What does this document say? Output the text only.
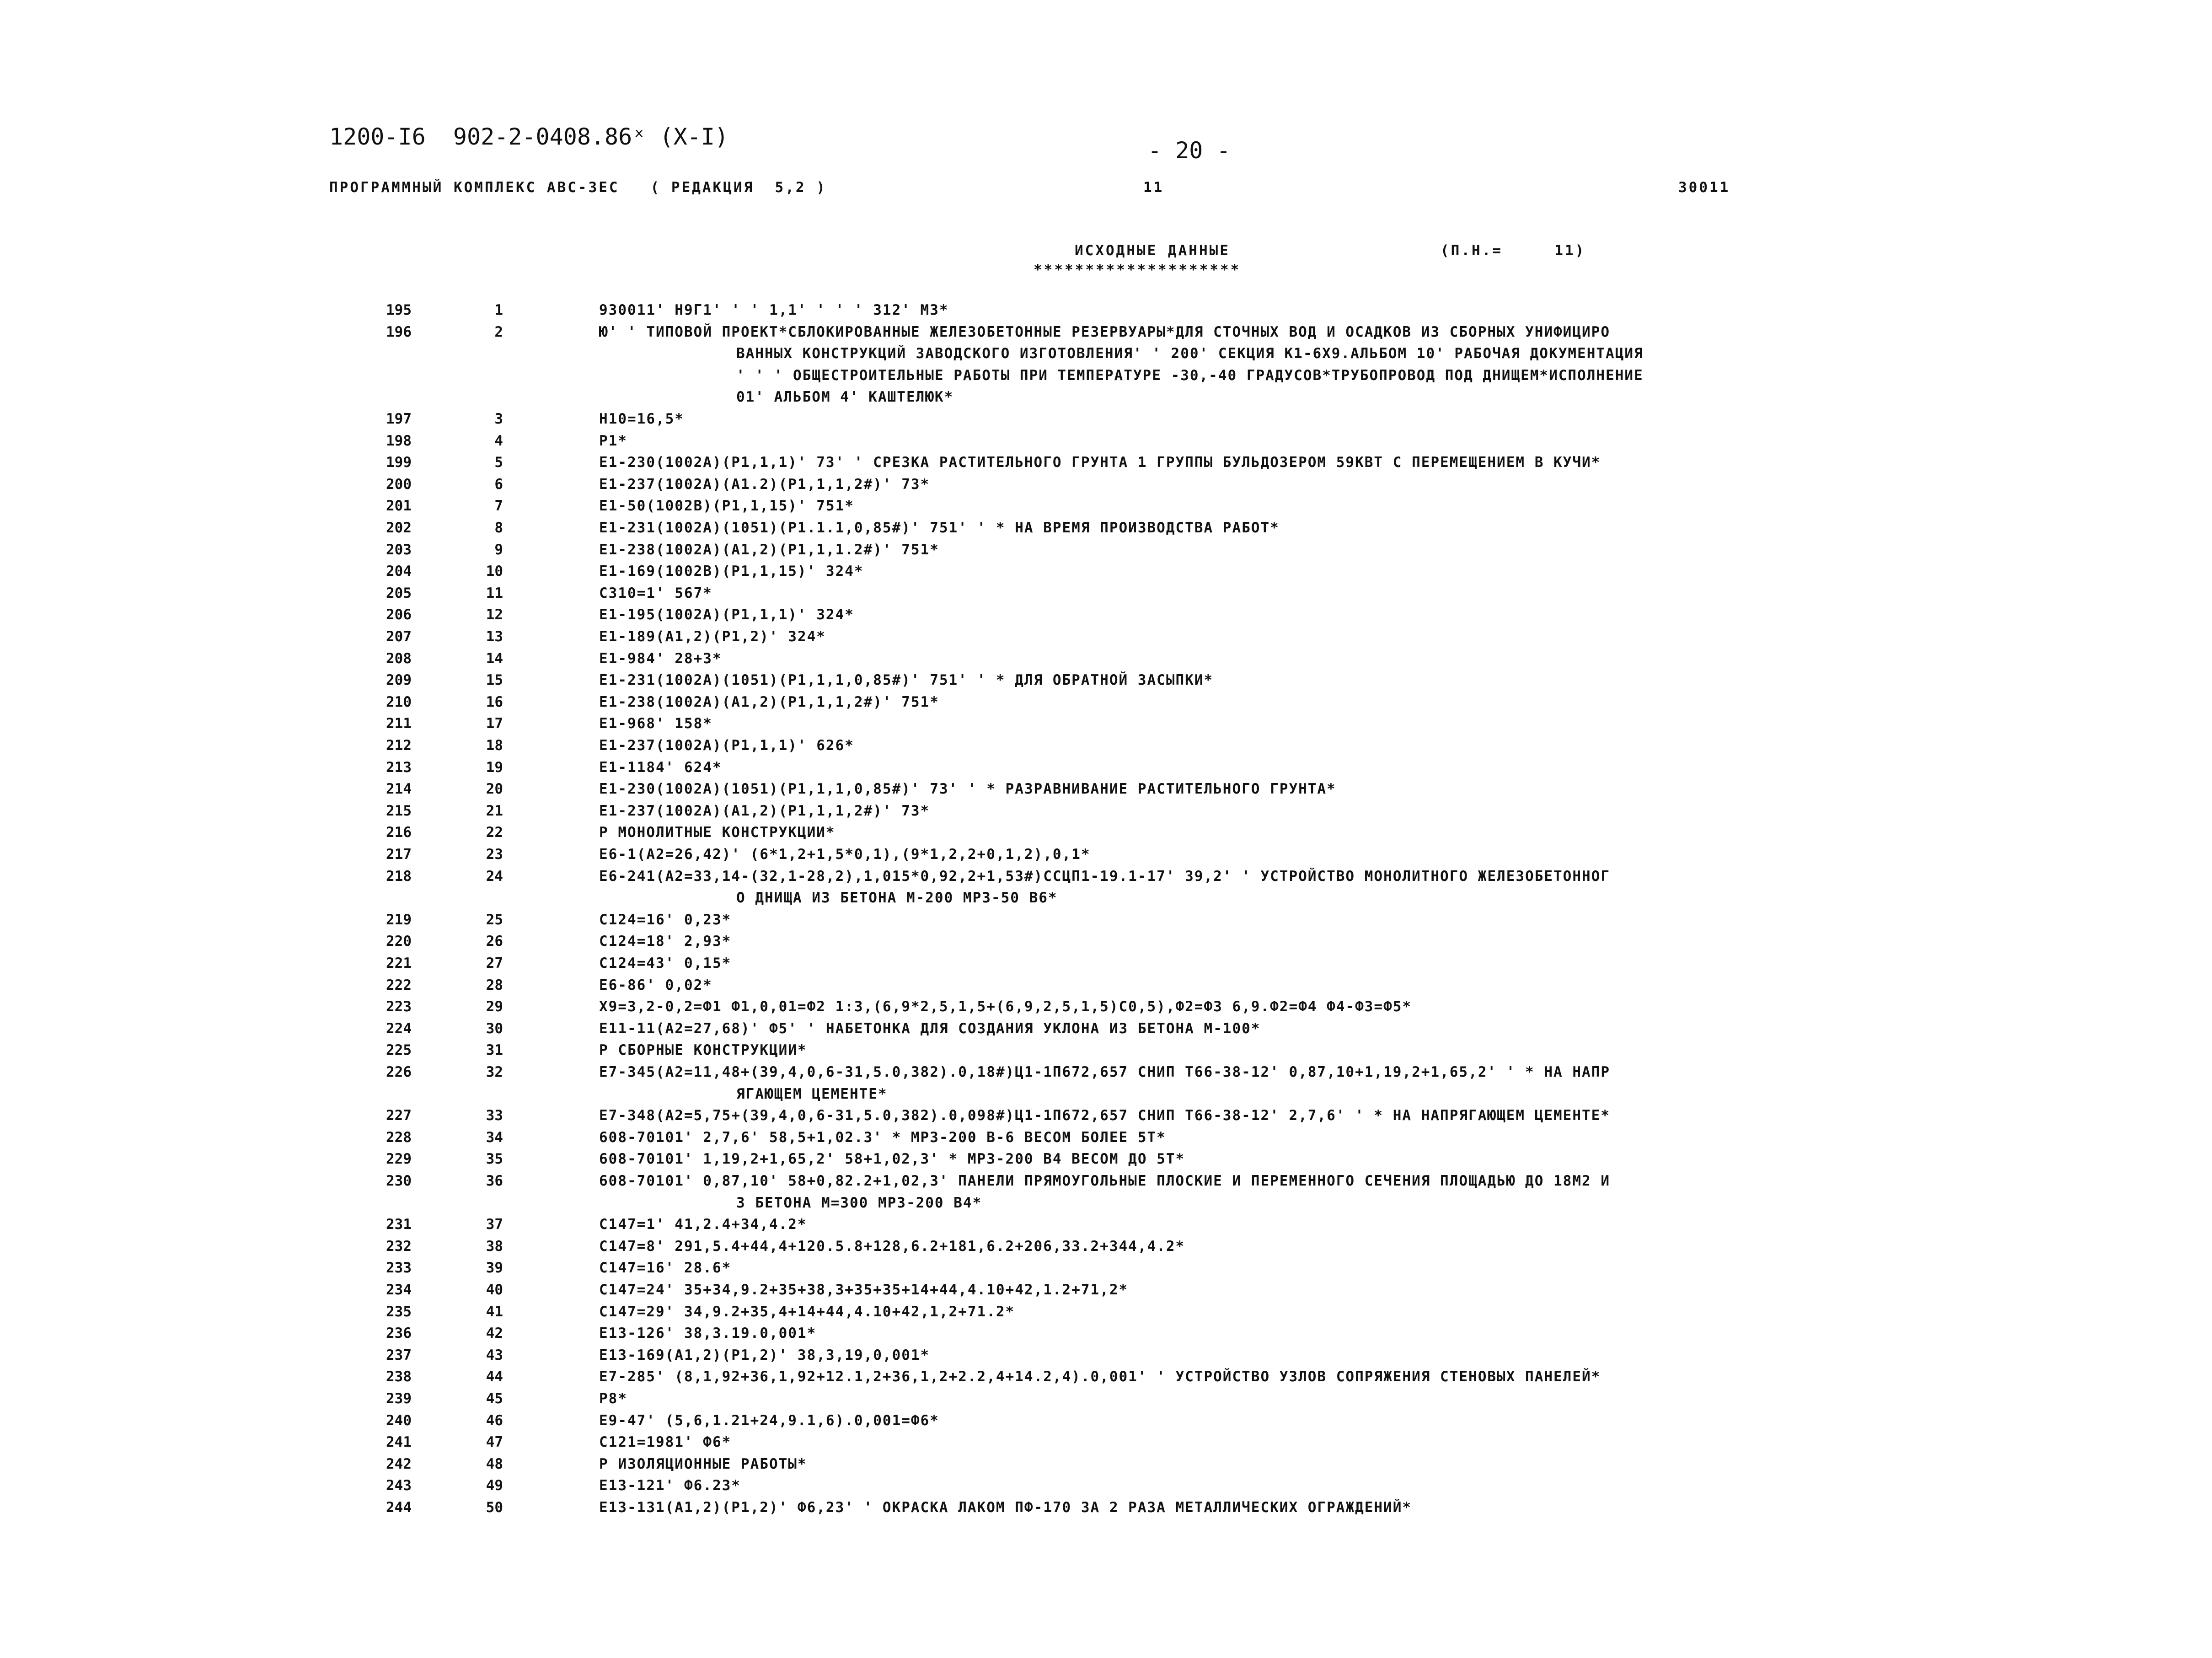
1200-I6  902-2-0408.86ˣ (X-I)
- 20 -
ПРОГРАММНЫЙ КОМПЛЕКС АВС-ЗЕС   ( РЕДАКЦИЯ  5,2 )	11	30011
ИСХОДНЫЕ ДАННЫЕ
********************
(П.Н.=     11)
195	1	930011' Н9Г1' ' ' 1,1' ' ' ' 312' М3*
196	2	Ю' ' ТИПОВОЙ ПРОЕКТ*СБЛОКИРОВАННЫЕ ЖЕЛЕЗОБЕТОННЫЕ РЕЗЕРВУАРЫ*ДЛЯ СТОЧНЫХ ВОД И ОСАДКОВ ИЗ СБОРНЫХ УНИФИЦИРО
ВАННЫХ КОНСТРУКЦИЙ ЗАВОДСКОГО ИЗГОТОВЛЕНИЯ' ' 200' СЕКЦИЯ К1-6Х9.АЛЬБОМ 10' РАБОЧАЯ ДОКУМЕНТАЦИЯ
' ' ' ОБЩЕСТРОИТЕЛЬНЫЕ РАБОТЫ ПРИ ТЕМПЕРАТУРЕ -30,-40 ГРАДУСОВ*ТРУБОПРОВОД ПОД ДНИЩЕМ*ИСПОЛНЕНИЕ
01' АЛЬБОМ 4' КАШТЕЛЮК*
197	3	Н10=16,5*
198	4	Р1*
199	5	Е1-230(1002А)(Р1,1,1)' 73' ' СРЕЗКА РАСТИТЕЛЬНОГО ГРУНТА 1 ГРУППЫ БУЛЬДОЗЕРОМ 59КВТ С ПЕРЕМЕЩЕНИЕМ В КУЧИ*
200	6	Е1-237(1002А)(А1.2)(Р1,1,1,2#)' 73*
201	7	Е1-50(1002В)(Р1,1,15)' 751*
202	8	Е1-231(1002А)(1051)(Р1.1.1,0,85#)' 751' ' * НА ВРЕМЯ ПРОИЗВОДСТВА РАБОТ*
203	9	Е1-238(1002А)(А1,2)(Р1,1,1.2#)' 751*
204	10	Е1-169(1002В)(Р1,1,15)' 324*
205	11	С310=1' 567*
206	12	Е1-195(1002А)(Р1,1,1)' 324*
207	13	Е1-189(А1,2)(Р1,2)' 324*
208	14	Е1-984' 28+3*
209	15	Е1-231(1002А)(1051)(Р1,1,1,0,85#)' 751' ' * ДЛЯ ОБРАТНОЙ ЗАСЫПКИ*
210	16	Е1-238(1002А)(А1,2)(Р1,1,1,2#)' 751*
211	17	Е1-968' 158*
212	18	Е1-237(1002А)(Р1,1,1)' 626*
213	19	Е1-1184' 624*
214	20	Е1-230(1002А)(1051)(Р1,1,1,0,85#)' 73' ' * РАЗРАВНИВАНИЕ РАСТИТЕЛЬНОГО ГРУНТА*
215	21	Е1-237(1002А)(А1,2)(Р1,1,1,2#)' 73*
216	22	Р МОНОЛИТНЫЕ КОНСТРУКЦИИ*
217	23	Е6-1(А2=26,42)' (6*1,2+1,5*0,1),(9*1,2,2+0,1,2),0,1*
218	24	Е6-241(А2=33,14-(32,1-28,2),1,015*0,92,2+1,53#)ССЦП1-19.1-17' 39,2' ' УСТРОЙСТВО МОНОЛИТНОГО ЖЕЛЕЗОБЕТОННОГ
О ДНИЩА ИЗ БЕТОНА М-200 МРЗ-50 В6*
219	25	С124=16' 0,23*
220	26	С124=18' 2,93*
221	27	С124=43' 0,15*
222	28	Е6-86' 0,02*
223	29	Х9=3,2-0,2=Ф1 Ф1,0,01=Ф2 1:3,(6,9*2,5,1,5+(6,9,2,5,1,5)С0,5),Ф2=Ф3 6,9.Ф2=Ф4 Ф4-Ф3=Ф5*
224	30	Е11-11(А2=27,68)' Ф5' ' НАБЕТОНКА ДЛЯ СОЗДАНИЯ УКЛОНА ИЗ БЕТОНА М-100*
225	31	Р СБОРНЫЕ КОНСТРУКЦИИ*
226	32	Е7-345(А2=11,48+(39,4,0,6-31,5.0,382).0,18#)Ц1-1П672,657 СНИП Т66-38-12' 0,87,10+1,19,2+1,65,2' ' * НА НАПР
ЯГАЮЩЕМ ЦЕМЕНТЕ*
227	33	Е7-348(А2=5,75+(39,4,0,6-31,5.0,382).0,098#)Ц1-1П672,657 СНИП Т66-38-12' 2,7,6' ' * НА НАПРЯГАЮЩЕМ ЦЕМЕНТЕ*
228	34	608-70101' 2,7,6' 58,5+1,02.3' * МРЗ-200 В-6 ВЕСОМ БОЛЕЕ 5Т*
229	35	608-70101' 1,19,2+1,65,2' 58+1,02,3' * МРЗ-200 В4 ВЕСОМ ДО 5Т*
230	36	608-70101' 0,87,10' 58+0,82.2+1,02,3' ПАНЕЛИ ПРЯМОУГОЛЬНЫЕ ПЛОСКИЕ И ПЕРЕМЕННОГО СЕЧЕНИЯ ПЛОЩАДЬЮ ДО 18М2 И
З БЕТОНА М=300 МРЗ-200 В4*
231	37	С147=1' 41,2.4+34,4.2*
232	38	С147=8' 291,5.4+44,4+120.5.8+128,6.2+181,6.2+206,33.2+344,4.2*
233	39	С147=16' 28.6*
234	40	С147=24' 35+34,9.2+35+38,3+35+35+14+44,4.10+42,1.2+71,2*
235	41	С147=29' 34,9.2+35,4+14+44,4.10+42,1,2+71.2*
236	42	Е13-126' 38,3.19.0,001*
237	43	Е13-169(А1,2)(Р1,2)' 38,3,19,0,001*
238	44	Е7-285' (8,1,92+36,1,92+12.1,2+36,1,2+2.2,4+14.2,4).0,001' ' УСТРОЙСТВО УЗЛОВ СОПРЯЖЕНИЯ СТЕНОВЫХ ПАНЕЛЕЙ*
239	45	Р8*
240	46	Е9-47' (5,6,1.21+24,9.1,6).0,001=Ф6*
241	47	С121=1981' Ф6*
242	48	Р ИЗОЛЯЦИОННЫЕ РАБОТЫ*
243	49	Е13-121' Ф6.23*
244	50	Е13-131(А1,2)(Р1,2)' Ф6,23' ' ОКРАСКА ЛАКОМ ПФ-170 ЗА 2 РАЗА МЕТАЛЛИЧЕСКИХ ОГРАЖДЕНИЙ*
